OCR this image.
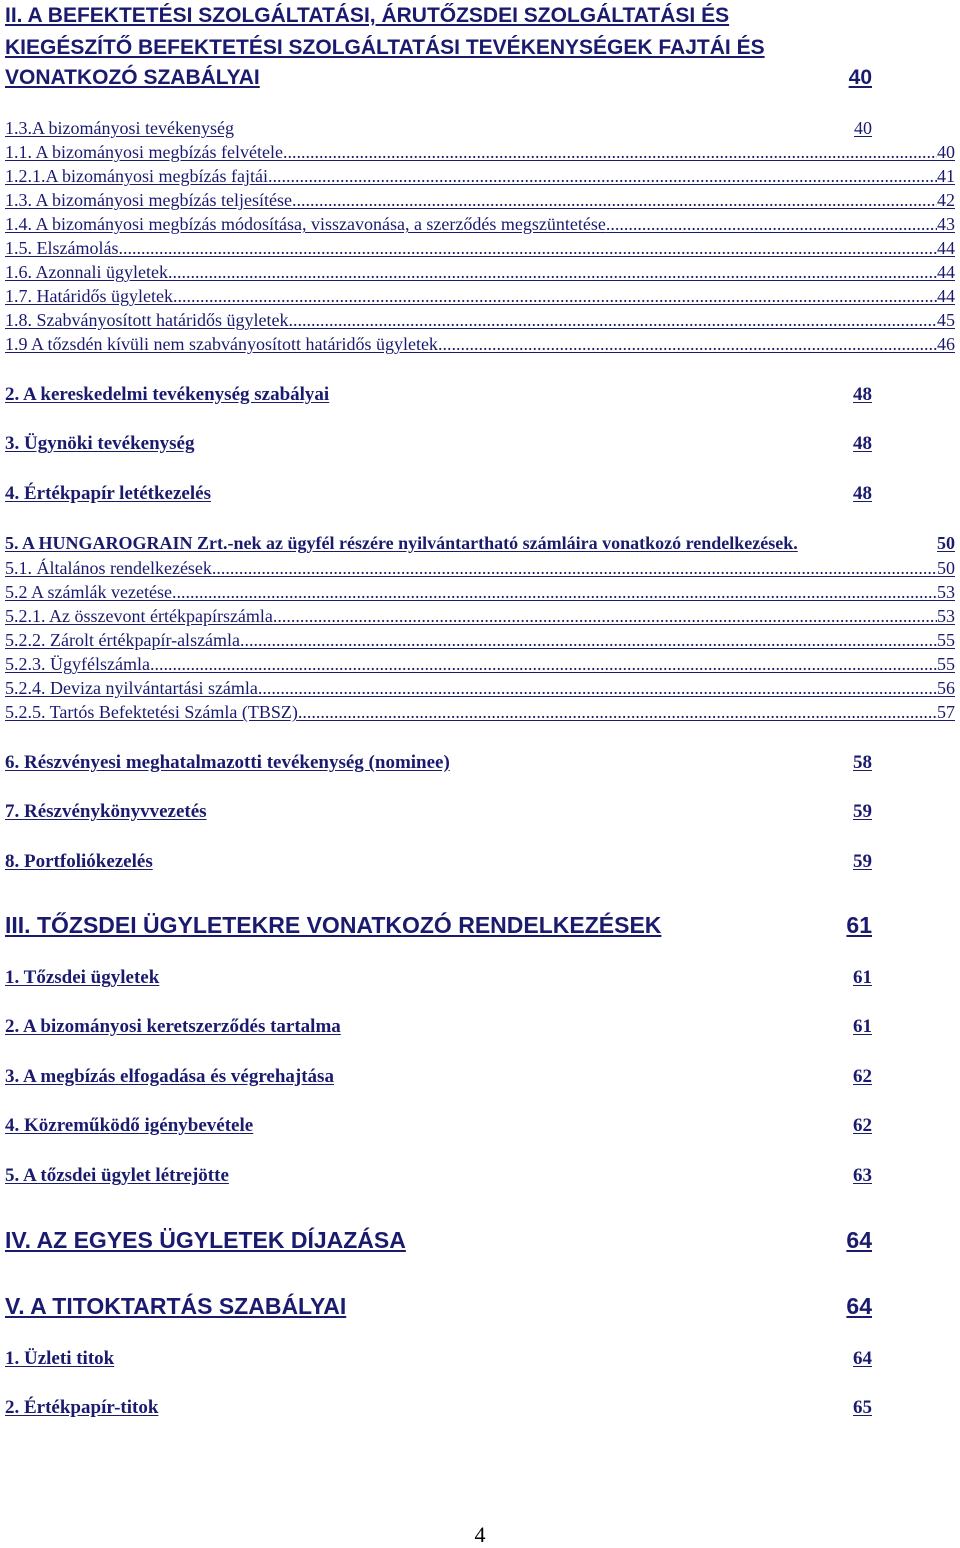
II. A BEFEKTETÉSI SZOLGÁLTATÁSI, ÁRUTŐZSDEI SZOLGÁLTATÁSI ÉS
KIEGÉSZÍTŐ BEFEKTETÉSI SZOLGÁLTATÁSI TEVÉKENYSÉGEK FAJTÁI ÉS
VONATKOZÓ SZABÁLYAI	40
1.3.A bizományosi tevékenység	40
1.1. A bizományosi megbízás felvétele .....	40
1.2.1.A bizományosi megbízás fajtái .....	41
1.3. A bizományosi megbízás teljesítése .....	42
1.4. A bizományosi megbízás módosítása, visszavonása, a szerződés megszüntetése .....	43
1.5. Elszámolás .....	44
1.6. Azonnali ügyletek .....	44
1.7. Határidős ügyletek .....	44
1.8. Szabványosított határidős ügyletek .....	45
1.9 A tőzsdén kívüli nem szabványosított határidős ügyletek .....	46
2. A kereskedelmi tevékenység szabályai	48
3. Ügynöki tevékenység	48
4. Értékpapír letétkezelés	48
5. A HUNGAROGRAIN Zrt.-nek az ügyfél részére nyilvántartható számláira vonatkozó rendelkezések.	50
5.1. Általános rendelkezések .....	50
5.2 A számlák vezetése .....	53
5.2.1. Az összevont értékpapírszámla .....	53
5.2.2. Zárolt értékpapír-alszámla .....	55
5.2.3. Ügyfélszámla .....	55
5.2.4. Deviza nyilvántartási számla .....	56
5.2.5. Tartós Befektetési Számla (TBSZ) .....	57
6. Részvényesi meghatalmazotti tevékenység (nominee)	58
7. Részvénykönyvvezetés	59
8. Portfoliókezelés	59
III. TŐZSDEI ÜGYLETEKRE VONATKOZÓ RENDELKEZÉSEK	61
1. Tőzsdei ügyletek	61
2. A bizományosi keretszerződés tartalma	61
3. A megbízás elfogadása és végrehajtása	62
4. Közreműködő igénybevétele	62
5. A tőzsdei ügylet létrejötte	63
IV. AZ EGYES ÜGYLETEK DÍJAZÁSA	64
V. A TITOKTARTÁS SZABÁLYAI	64
1. Üzleti titok	64
2. Értékpapír-titok	65
4
